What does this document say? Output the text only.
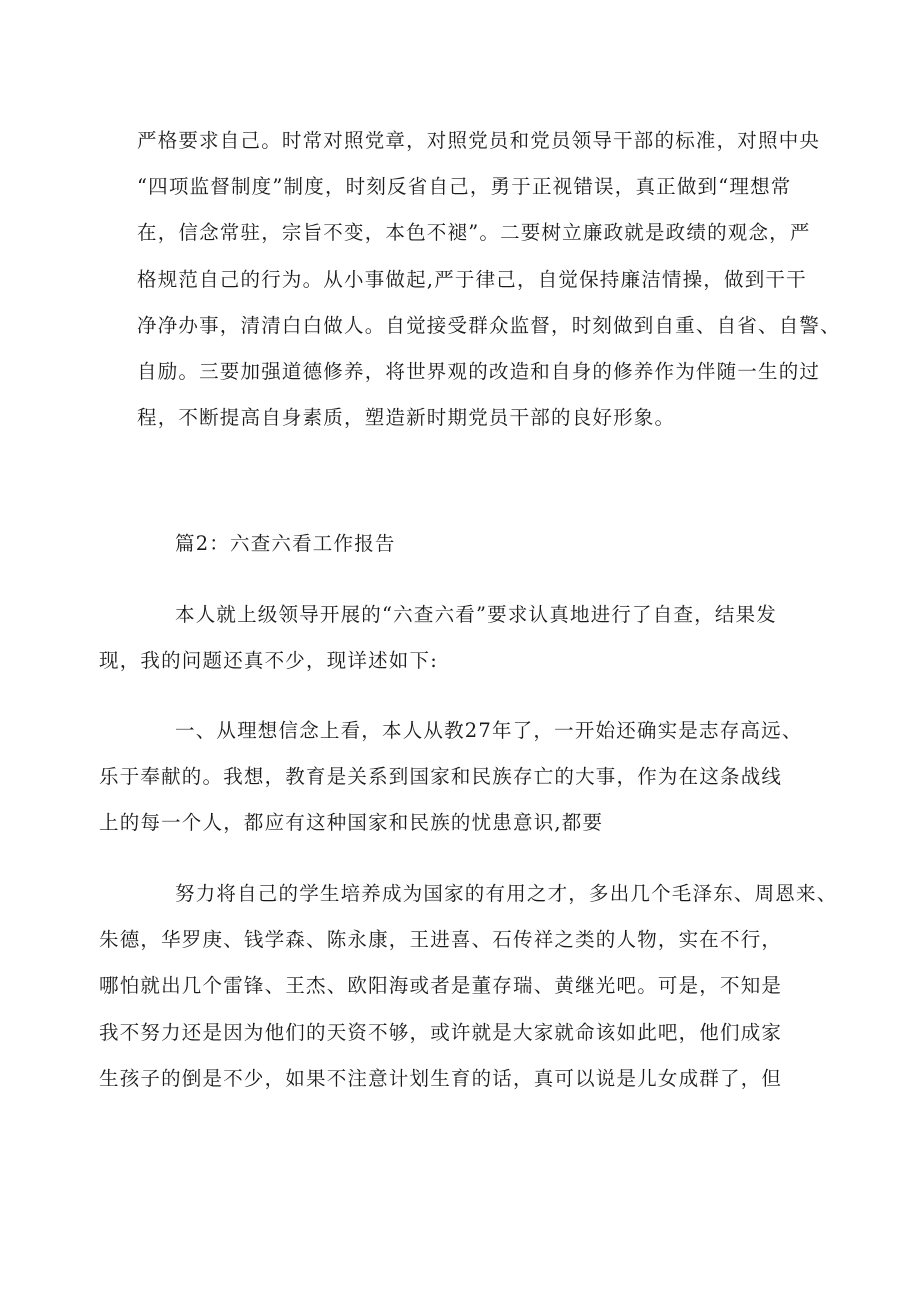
严格要求自己。时常对照党章，对照党员和党员领导干部的标准，对照中央
“四项监督制度”制度，时刻反省自己，勇于正视错误，真正做到“理想常
在，信念常驻，宗旨不变，本色不褪”。二要树立廉政就是政绩的观念，严
格规范自己的行为。从小事做起,严于律己，自觉保持廉洁情操，做到干干
净净办事，清清白白做人。自觉接受群众监督，时刻做到自重、自省、自警、
自励。三要加强道德修养，将世界观的改造和自身的修养作为伴随一生的过
程，不断提高自身素质，塑造新时期党员干部的良好形象。
篇2：六查六看工作报告
本人就上级领导开展的“六查六看”要求认真地进行了自查，结果发
现，我的问题还真不少，现详述如下:
一、从理想信念上看，本人从教27年了，一开始还确实是志存高远、
乐于奉献的。我想，教育是关系到国家和民族存亡的大事，作为在这条战线
上的每一个人，都应有这种国家和民族的忧患意识,都要
努力将自己的学生培养成为国家的有用之才，多出几个毛泽东、周恩来、
朱德，华罗庚、钱学森、陈永康，王进喜、石传祥之类的人物，实在不行，
哪怕就出几个雷锋、王杰、欧阳海或者是董存瑞、黄继光吧。可是，不知是
我不努力还是因为他们的天资不够，或许就是大家就命该如此吧，他们成家
生孩子的倒是不少，如果不注意计划生育的话，真可以说是儿女成群了，但
